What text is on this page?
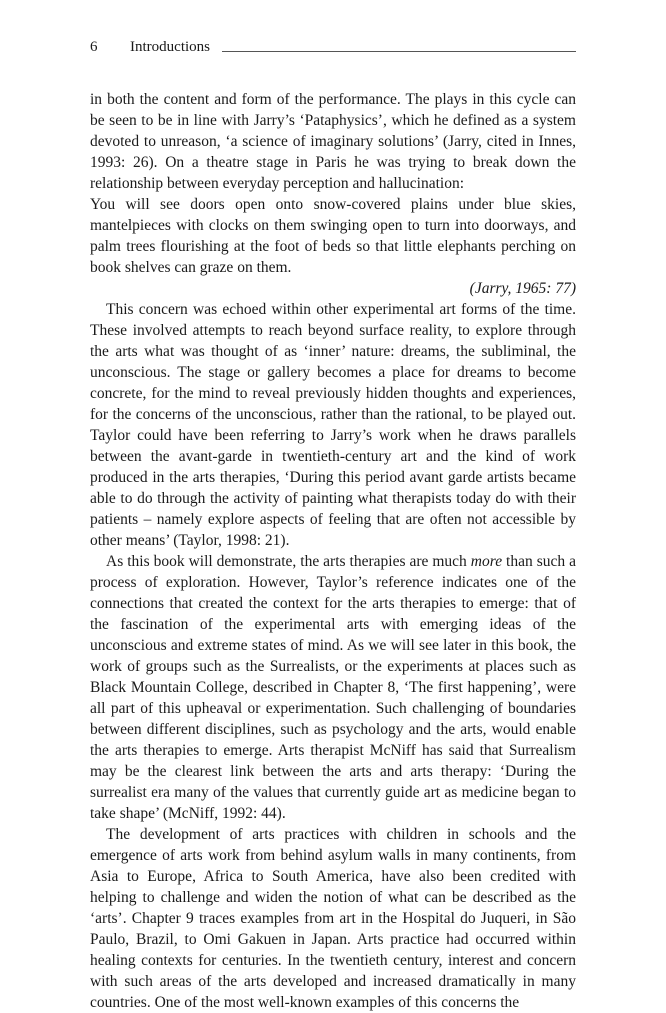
6	Introductions

in both the content and form of the performance. The plays in this cycle can be seen to be in line with Jarry’s ‘Pataphysics’, which he defined as a system devoted to unreason, ‘a science of imaginary solutions’ (Jarry, cited in Innes, 1993: 26). On a theatre stage in Paris he was trying to break down the relationship between everyday perception and hallucination:

You will see doors open onto snow-covered plains under blue skies, mantelpieces with clocks on them swinging open to turn into doorways, and palm trees flourishing at the foot of beds so that little elephants perching on book shelves can graze on them.

(Jarry, 1965: 77)

This concern was echoed within other experimental art forms of the time. These involved attempts to reach beyond surface reality, to explore through the arts what was thought of as ‘inner’ nature: dreams, the subliminal, the unconscious. The stage or gallery becomes a place for dreams to become concrete, for the mind to reveal previously hidden thoughts and experiences, for the concerns of the unconscious, rather than the rational, to be played out. Taylor could have been referring to Jarry’s work when he draws parallels between the avant-garde in twentieth-century art and the kind of work produced in the arts therapies, ‘During this period avant garde artists became able to do through the activity of painting what therapists today do with their patients – namely explore aspects of feeling that are often not accessible by other means’ (Taylor, 1998: 21).

As this book will demonstrate, the arts therapies are much more than such a process of exploration. However, Taylor’s reference indicates one of the connections that created the context for the arts therapies to emerge: that of the fascination of the experimental arts with emerging ideas of the unconscious and extreme states of mind. As we will see later in this book, the work of groups such as the Surrealists, or the experiments at places such as Black Mountain College, described in Chapter 8, ‘The first happening’, were all part of this upheaval or experimentation. Such challenging of boundaries between different disciplines, such as psychology and the arts, would enable the arts therapies to emerge. Arts therapist McNiff has said that Surrealism may be the clearest link between the arts and arts therapy: ‘During the surrealist era many of the values that currently guide art as medicine began to take shape’ (McNiff, 1992: 44).

The development of arts practices with children in schools and the emergence of arts work from behind asylum walls in many continents, from Asia to Europe, Africa to South America, have also been credited with helping to challenge and widen the notion of what can be described as the ‘arts’. Chapter 9 traces examples from art in the Hospital do Juqueri, in São Paulo, Brazil, to Omi Gakuen in Japan. Arts practice had occurred within healing contexts for centuries. In the twentieth century, interest and concern with such areas of the arts developed and increased dramatically in many countries. One of the most well-known examples of this concerns the
